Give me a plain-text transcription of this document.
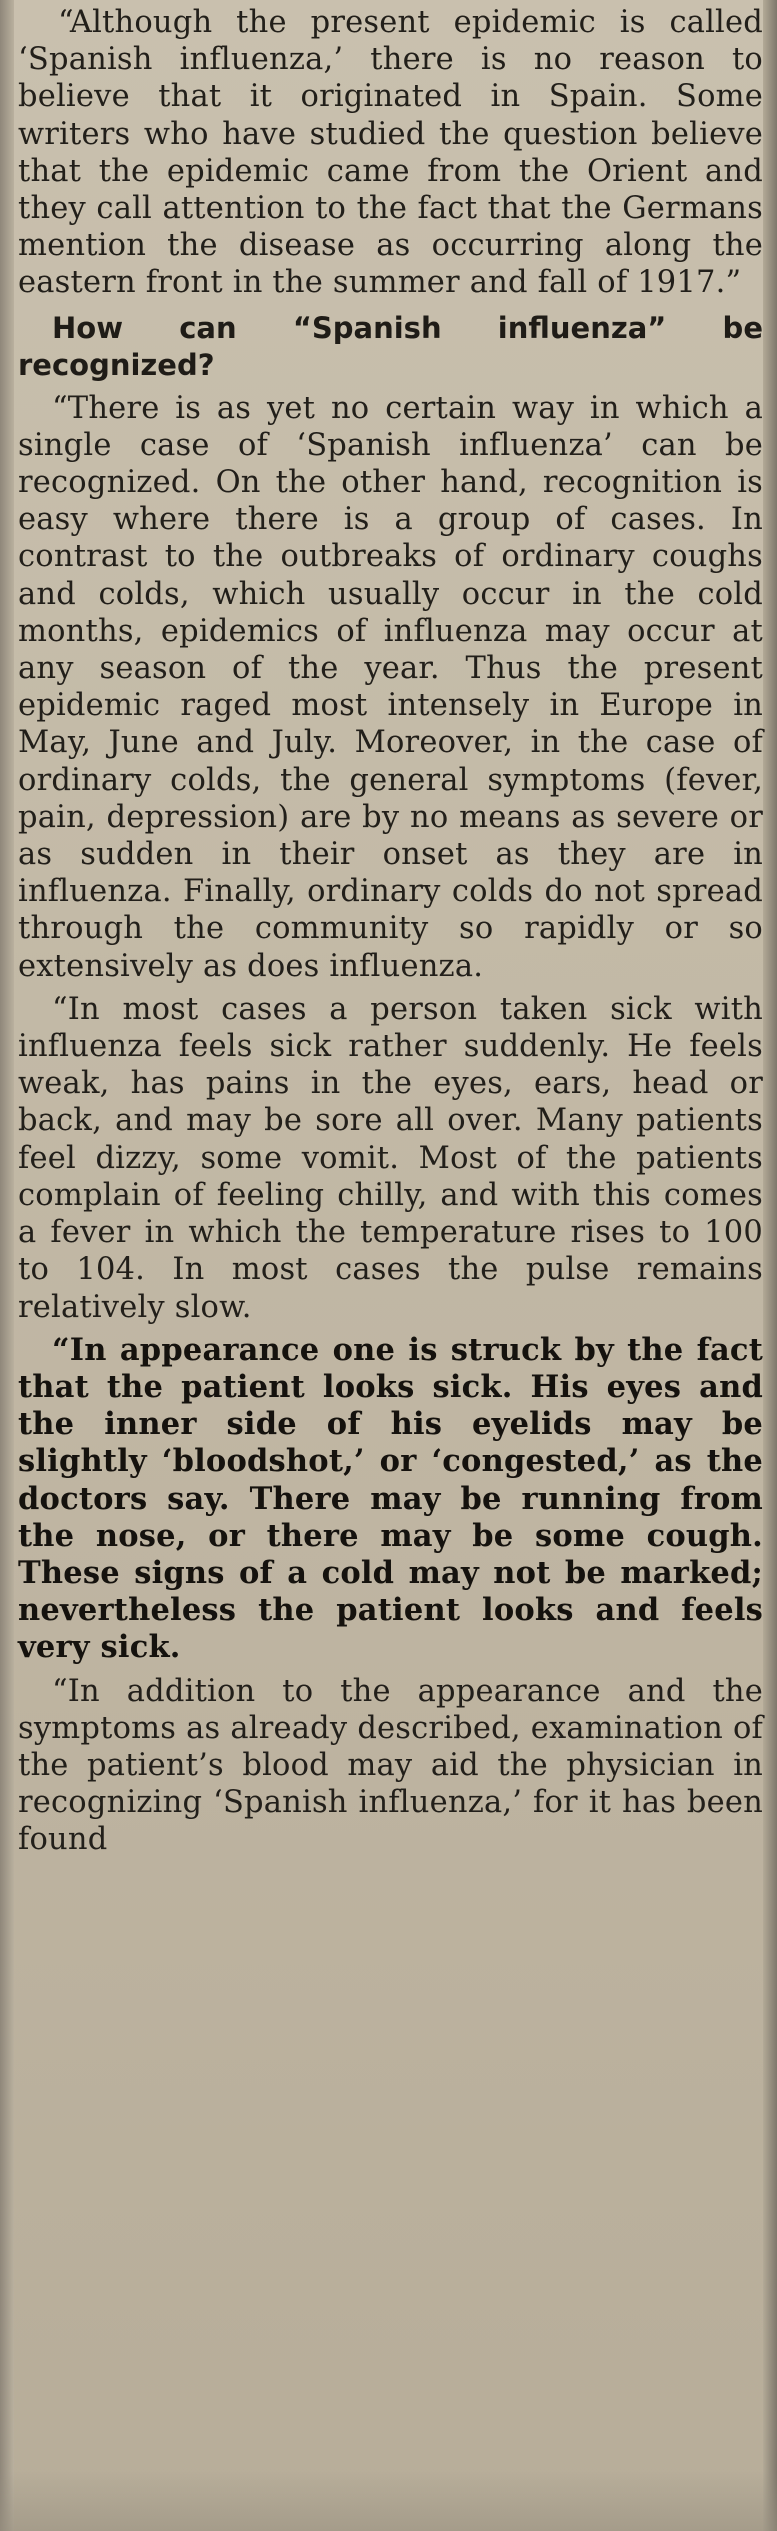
“Although the present epidemic is called ‘Spanish influenza,’ there is no reason to believe that it originated in Spain. Some writers who have studied the question believe that the epidemic came from the Orient and they call attention to the fact that the Germans mention the disease as occurring along the eastern front in the summer and fall of 1917.”

How can “Spanish influenza” be recognized?

“There is as yet no certain way in which a single case of ‘Spanish influenza’ can be recognized. On the other hand, recognition is easy where there is a group of cases. In contrast to the outbreaks of ordinary coughs and colds, which usually occur in the cold months, epidemics of influenza may occur at any season of the year. Thus the present epidemic raged most intensely in Europe in May, June and July. Moreover, in the case of ordinary colds, the general symptoms (fever, pain, depression) are by no means as severe or as sudden in their onset as they are in influenza. Finally, ordinary colds do not spread through the community so rapidly or so extensively as does influenza.

“In most cases a person taken sick with influenza feels sick rather suddenly. He feels weak, has pains in the eyes, ears, head or back, and may be sore all over. Many patients feel dizzy, some vomit. Most of the patients complain of feeling chilly, and with this comes a fever in which the temperature rises to 100 to 104. In most cases the pulse remains relatively slow.

“In appearance one is struck by the fact that the patient looks sick. His eyes and the inner side of his eyelids may be slightly ‘bloodshot,’ or ‘congested,’ as the doctors say. There may be running from the nose, or there may be some cough. These signs of a cold may not be marked; nevertheless the patient looks and feels very sick.

“In addition to the appearance and the symptoms as already described, examination of the patient’s blood may aid the physician in recognizing ‘Spanish influenza,’ for it has been found
